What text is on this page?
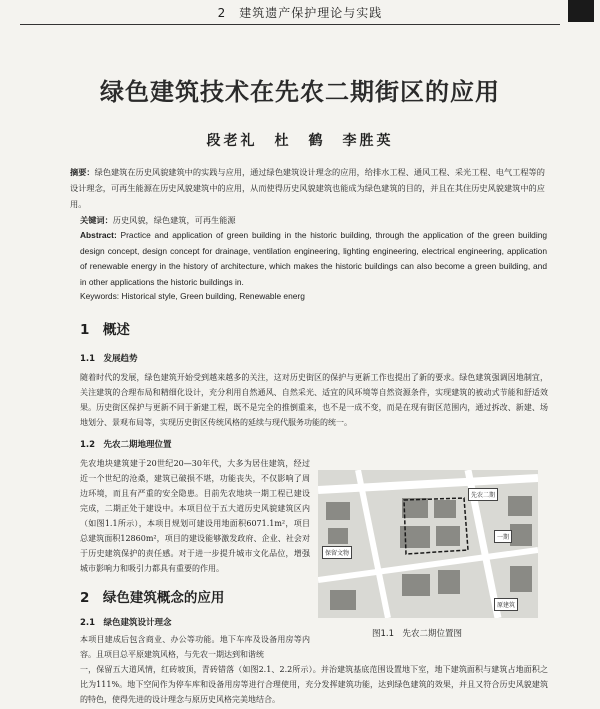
2　建筑遗产保护理论与实践
绿色建筑技术在先农二期街区的应用
段老礼　杜　鹤　李胜英
摘要：绿色建筑在历史风貌建筑中的实践与应用，通过绿色建筑设计理念的应用，给排水工程、通风工程、采光工程、电气工程等的设计理念，可再生能源在历史风貌建筑中的应用，从而使得历史风貌建筑也能成为绿色建筑的目的，并且在其住历史风貌建筑中的应用。
关键词：历史风貌，绿色建筑，可再生能源
Abstract: Practice and application of green building in the historic building, through the application of the green building design concept, design concept for drainage, ventilation engineering, lighting engineering, electrical engineering, application of renewable energy in the history of architecture, which makes the historic buildings can also become a green building, and in other applications the historic buildings in.
Keywords: Historical style, Green building, Renewable energ
1　概述
1.1　发展趋势
随着时代的发展，绿色建筑开始受到越来越多的关注，这对历史街区的保护与更新工作也提出了新的要求。绿色建筑强调因地制宜，关注建筑的合理布局和精细化设计，充分利用自然通风、自然采光、适宜的风环境等自然资源条件，实现建筑的被动式节能和舒适效果。历史街区保护与更新不同于新建工程，既不是完全的推倒重来，也不是一成不变，而是在现有街区范围内，通过拆改、新建、场地划分、景观布局等，实现历史街区传统风格的延续与现代服务功能的统一。
1.2　先农二期地理位置
先农地块建筑建于20世纪20—30年代，大多为居住建筑，经过近一个世纪的沧桑，建筑已破损不堪，功能丧失，不仅影响了周边环境，而且有严重的安全隐患。目前先农地块一期工程已建设完成，二期正处于建设中。本项目位于五大道历史风貌建筑区内（如图1.1所示），本项目规划可建设用地面积6071.1m²，项目总建筑面积12860m²，项目的建设能够激发政府、企业、社会对于历史建筑保护的责任感。对于进一步提升城市文化品位，增强城市影响力和吸引力都具有重要的作用。
2　绿色建筑概念的应用
2.1　绿色建筑设计理念
本项目建成后包含商业、办公等功能。地下车库及设备用房等内容。且项目总平原建筑风格，与先农一期达到和谐统
一，保留五大道风情，红砖坡顶，青砖错落（如图2.1、2.2所示）。并治建筑基底范围设置地下室，地下建筑面积与建筑占地面积之比为111%。地下空间作为停车库和设备用房等进行合理使用，充分发挥建筑功能，达到绿色建筑的效果，并且又符合历史风貌建筑的特色，使得先进的设计理念与原历史风格完美地结合。
先农二期
一期
保留文物
原建筑
图1.1　先农二期位置图
